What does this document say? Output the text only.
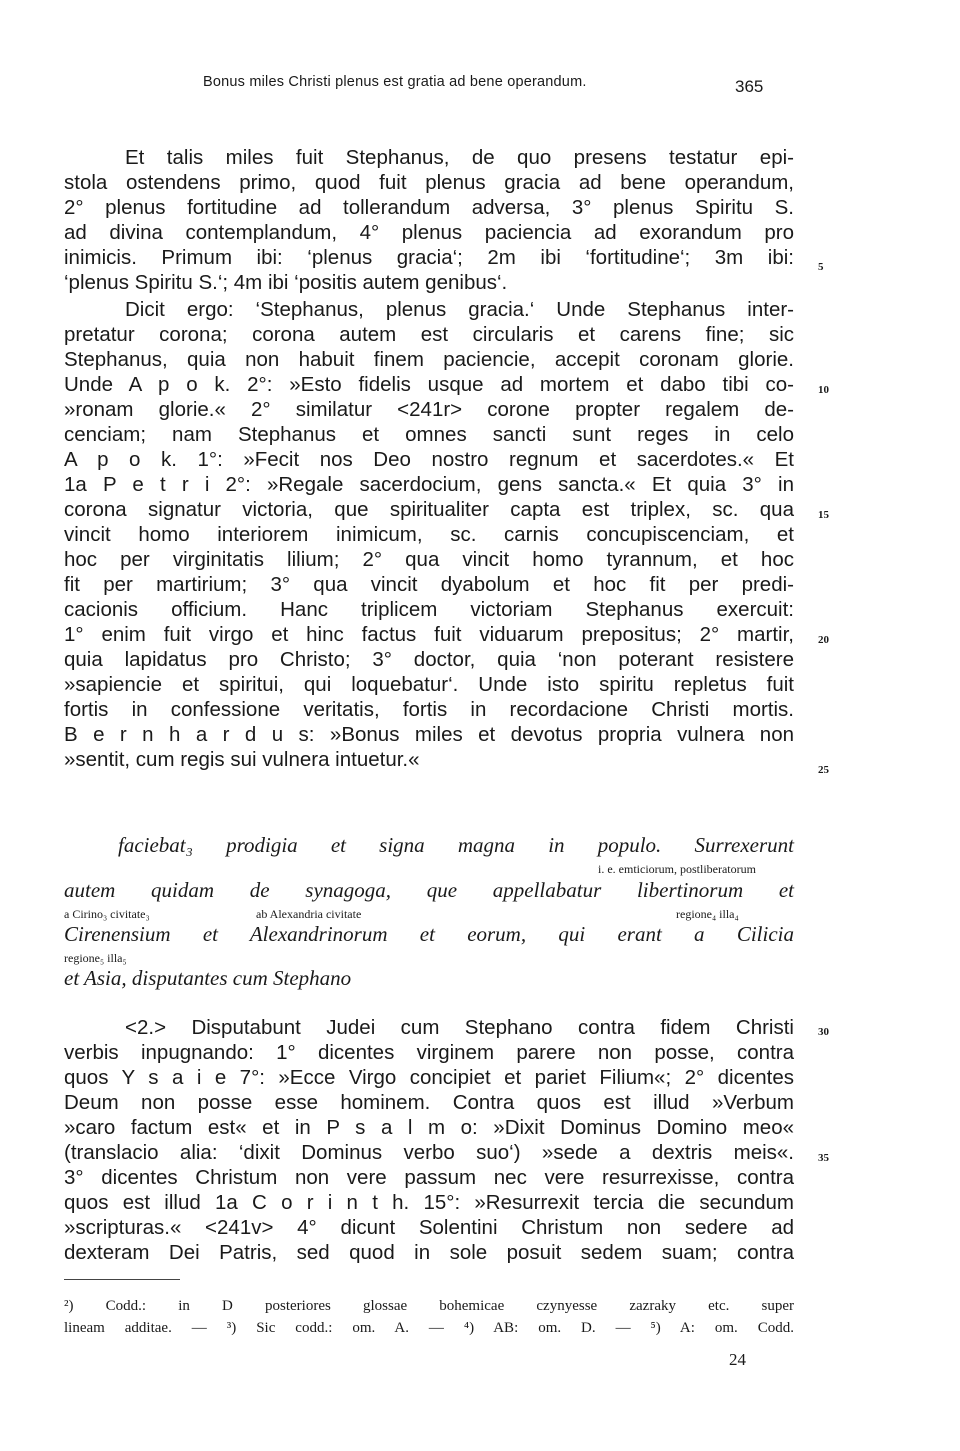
Bonus miles Christi plenus est gratia ad bene operandum.	365
Et talis miles fuit Stephanus, de quo presens testatur epi-
stola ostendens primo, quod fuit plenus gracia ad bene operandum,
2° plenus fortitudine ad tollerandum adversa, 3° plenus Spiritu S.
ad divina contemplandum, 4° plenus paciencia ad exorandum pro
inimicis. Primum ibi: ‘plenus gracia‘; 2m ibi ‘fortitudine‘; 3m ibi:
‘plenus Spiritu S.‘; 4m ibi ‘positis autem genibus‘.
Dicit ergo: ‘Stephanus, plenus gracia.‘ Unde Stephanus inter-
pretatur corona; corona autem est circularis et carens fine; sic
Stephanus, quia non habuit finem paciencie, accepit coronam glorie.
Unde A p o k. 2°: »Esto fidelis usque ad mortem et dabo tibi co-
»ronam glorie.« 2° similatur <241r> corone propter regalem de-
cenciam; nam Stephanus et omnes sancti sunt reges in celo
A p o k. 1°: »Fecit nos Deo nostro regnum et sacerdotes.« Et
1a P e t r i 2°: »Regale sacerdocium, gens sancta.« Et quia 3° in
corona signatur victoria, que spiritualiter capta est triplex, sc. qua
vincit homo interiorem inimicum, sc. carnis concupiscenciam, et
hoc per virginitatis lilium; 2° qua vincit homo tyrannum, et hoc
fit per martirium; 3° qua vincit dyabolum et hoc fit per predi-
cacionis officium. Hanc triplicem victoriam Stephanus exercuit:
1° enim fuit virgo et hinc factus fuit viduarum prepositus; 2° martir,
quia lapidatus pro Christo; 3° doctor, quia ‘non poterant resistere
»sapiencie et spiritui, qui loquebatur‘. Unde isto spiritu repletus fuit
fortis in confessione veritatis, fortis in recordacione Christi mortis.
B e r n h a r d u s: »Bonus miles et devotus propria vulnera non
»sentit, cum regis sui vulnera intuetur.«
5
10
15
20
25
faciebat₃ prodigia et signa magna in populo. Surrexerunt
i. e. emticiorum, postliberatorum
autem quidam de synagoga, que appellabatur libertinorum et
a Cirino₃ civitate₃	ab Alexandria civitate	regione₄ illa₄
Cirenensium et Alexandrinorum et eorum, qui erant a Cilicia
regione₅ illa₅
et Asia, disputantes cum Stephano
<2.> Disputabunt Judei cum Stephano contra fidem Christi
verbis inpugnando: 1° dicentes virginem parere non posse, contra
quos Y s a i e 7°: »Ecce Virgo concipiet et pariet Filium«; 2° dicentes
Deum non posse esse hominem. Contra quos est illud »Verbum
»caro factum est« et in P s a l m o: »Dixit Dominus Domino meo«
(translacio alia: ‘dixit Dominus verbo suo‘) »sede a dextris meis«.
3° dicentes Christum non vere passum nec vere resurrexisse, contra
quos est illud 1a C o r i n t h. 15°: »Resurrexit tercia die secundum
»scripturas.« <241v> 4° dicunt Solentini Christum non sedere ad
dexteram Dei Patris, sed quod in sole posuit sedem suam; contra
30
35
²) Codd.: in D posteriores glossae bohemicae czynyesse zazraky etc. super
lineam additae. — ³) Sic codd.: om. A. — ⁴) AB: om. D. — ⁵) A: om. Codd.
24
